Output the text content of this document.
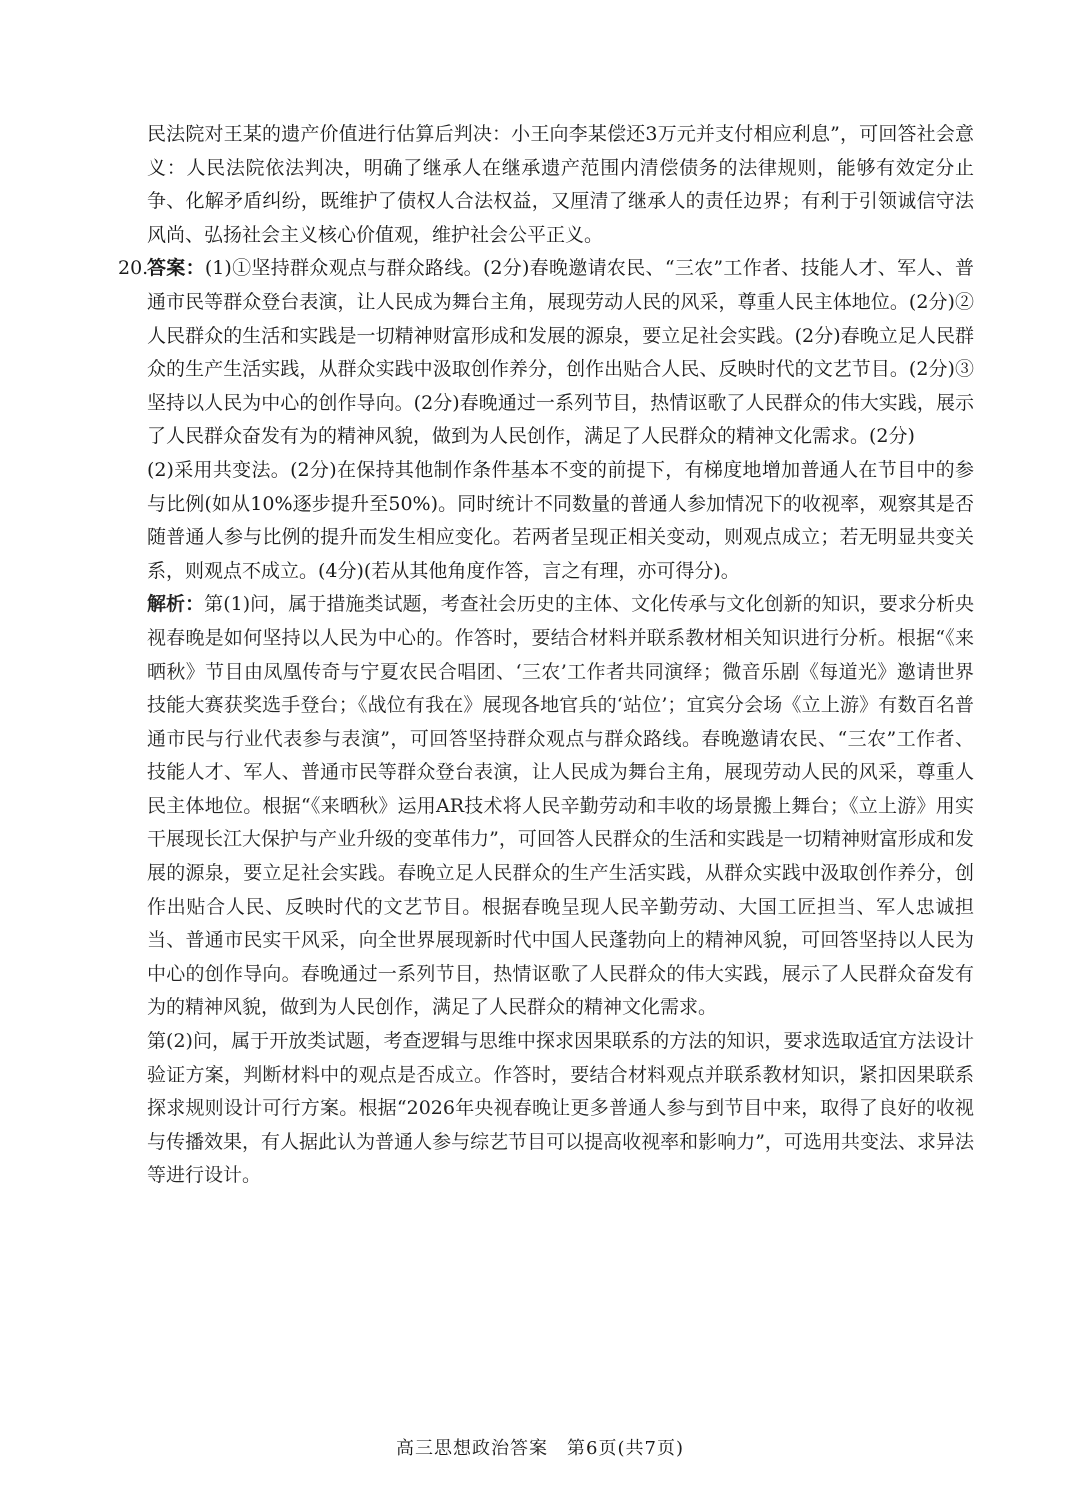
民法院对王某的遗产价值进行估算后判决：小王向李某偿还3万元并支付相应利息”，可回答社会意义：人民法院依法判决，明确了继承人在继承遗产范围内清偿债务的法律规则，能够有效定分止争、化解矛盾纠纷，既维护了债权人合法权益，又厘清了继承人的责任边界；有利于引领诚信守法风尚、弘扬社会主义核心价值观，维护社会公平正义。
20.
答案：(1)①坚持群众观点与群众路线。(2分)春晚邀请农民、“三农”工作者、技能人才、军人、普通市民等群众登台表演，让人民成为舞台主角，展现劳动人民的风采，尊重人民主体地位。(2分)②人民群众的生活和实践是一切精神财富形成和发展的源泉，要立足社会实践。(2分)春晚立足人民群众的生产生活实践，从群众实践中汲取创作养分，创作出贴合人民、反映时代的文艺节目。(2分)③坚持以人民为中心的创作导向。(2分)春晚通过一系列节目，热情讴歌了人民群众的伟大实践，展示了人民群众奋发有为的精神风貌，做到为人民创作，满足了人民群众的精神文化需求。(2分)
(2)采用共变法。(2分)在保持其他制作条件基本不变的前提下，有梯度地增加普通人在节目中的参与比例(如从10%逐步提升至50%)。同时统计不同数量的普通人参加情况下的收视率，观察其是否随普通人参与比例的提升而发生相应变化。若两者呈现正相关变动，则观点成立；若无明显共变关系，则观点不成立。(4分)(若从其他角度作答，言之有理，亦可得分)。
解析：第(1)问，属于措施类试题，考查社会历史的主体、文化传承与文化创新的知识，要求分析央视春晚是如何坚持以人民为中心的。作答时，要结合材料并联系教材相关知识进行分析。根据“《来晒秋》节目由凤凰传奇与宁夏农民合唱团、‘三农’工作者共同演绎；微音乐剧《每道光》邀请世界技能大赛获奖选手登台；《战位有我在》展现各地官兵的‘站位’；宜宾分会场《立上游》有数百名普通市民与行业代表参与表演”，可回答坚持群众观点与群众路线。春晚邀请农民、“三农”工作者、技能人才、军人、普通市民等群众登台表演，让人民成为舞台主角，展现劳动人民的风采，尊重人民主体地位。根据“《来晒秋》运用AR技术将人民辛勤劳动和丰收的场景搬上舞台；《立上游》用实干展现长江大保护与产业升级的变革伟力”，可回答人民群众的生活和实践是一切精神财富形成和发展的源泉，要立足社会实践。春晚立足人民群众的生产生活实践，从群众实践中汲取创作养分，创作出贴合人民、反映时代的文艺节目。根据春晚呈现人民辛勤劳动、大国工匠担当、军人忠诚担当、普通市民实干风采，向全世界展现新时代中国人民蓬勃向上的精神风貌，可回答坚持以人民为中心的创作导向。春晚通过一系列节目，热情讴歌了人民群众的伟大实践，展示了人民群众奋发有为的精神风貌，做到为人民创作，满足了人民群众的精神文化需求。
第(2)问，属于开放类试题，考查逻辑与思维中探求因果联系的方法的知识，要求选取适宜方法设计验证方案，判断材料中的观点是否成立。作答时，要结合材料观点并联系教材知识，紧扣因果联系探求规则设计可行方案。根据“2026年央视春晚让更多普通人参与到节目中来，取得了良好的收视与传播效果，有人据此认为普通人参与综艺节目可以提高收视率和影响力”，可选用共变法、求异法等进行设计。
高三思想政治答案　第6页(共7页)
